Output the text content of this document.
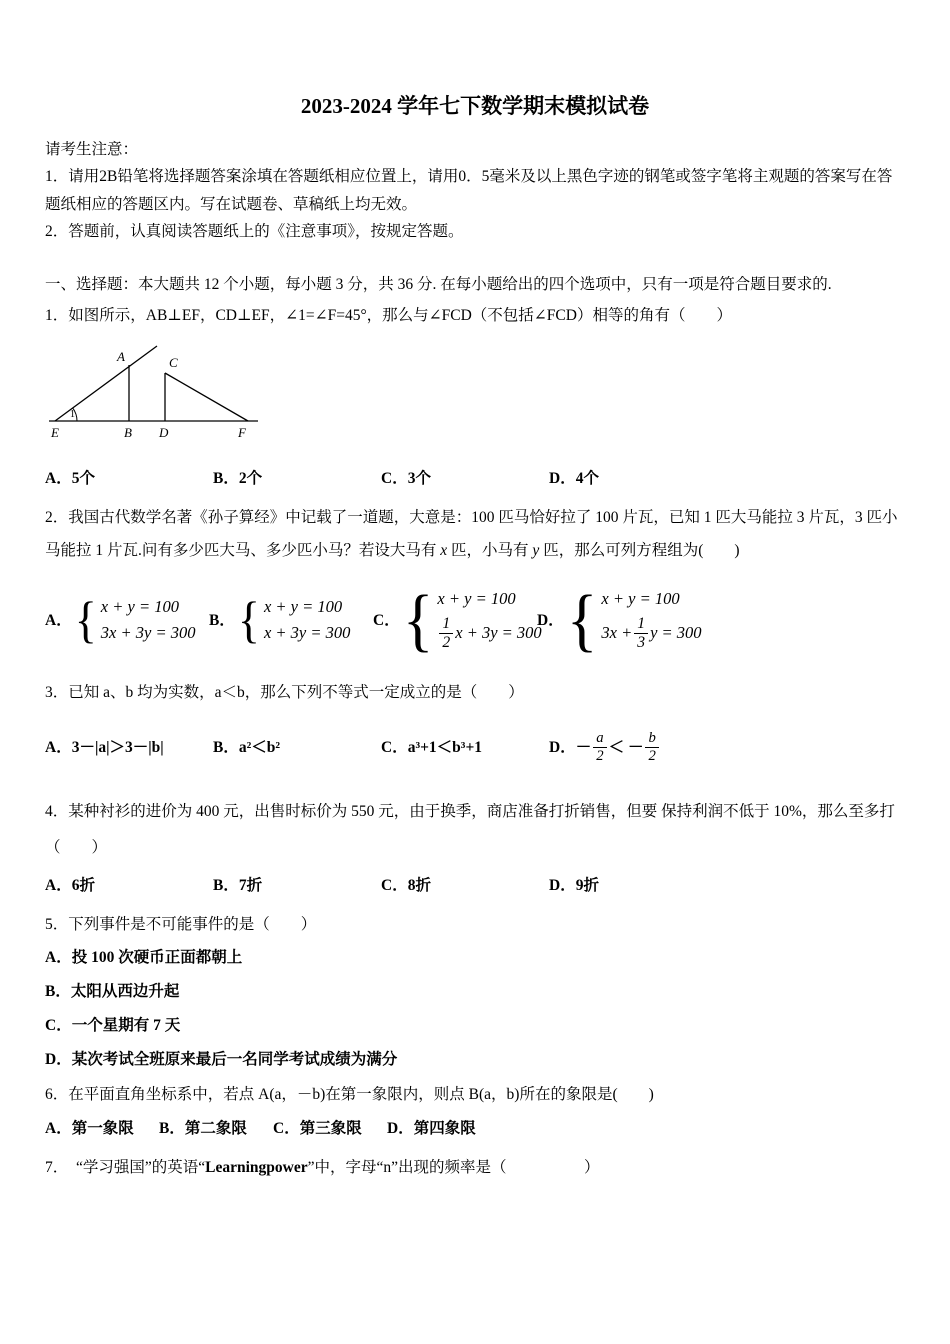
2023-2024 学年七下数学期末模拟试卷

请考生注意：

1．请用2B铅笔将选择题答案涂填在答题纸相应位置上，请用0．5毫米及以上黑色字迹的钢笔或签字笔将主观题的答案写在答题纸相应的答题区内。写在试题卷、草稿纸上均无效。

2．答题前，认真阅读答题纸上的《注意事项》，按规定答题。

一、选择题：本大题共 12 个小题，每小题 3 分，共 36 分. 在每小题给出的四个选项中，只有一项是符合题目要求的.

1．如图所示，AB⊥EF，CD⊥EF，∠1=∠F=45°，那么与∠FCD（不包括∠FCD）相等的角有（　　）

A	C
E	B D	F
1
A．5个	B．2个	C．3个	D．4个

2．我国古代数学名著《孙子算经》中记载了一道题，大意是：100 匹马恰好拉了 100 片瓦，已知 1 匹大马能拉 3 片瓦，3 匹小马能拉 1 片瓦.问有多少匹大马、多少匹小马？若设大马有 x 匹，小马有 y 匹，那么可列方程组为(　　)

A． { x + y = 100
3x + 3y = 300
B． { x + y = 100
x + 3y = 300
C． { x + y = 100
$\frac{1}{2}$ x + 3y = 300
D． { x + y = 100
$3x + \frac{1}{3}$ y = 300

3．已知 a、b 均为实数，a＜b，那么下列不等式一定成立的是（　　）

A．3－|a|＞3－|b|	B．a²＜b²	C．a³+1＜b³+1	D．－ $\frac{a}{2}$ ＜ － $\frac{b}{2}$

4．某种衬衫的进价为 400 元，出售时标价为 550 元，由于换季，商店准备打折销售，但要 保持利润不低于 10%，那么至多打（　　）

A．6折	B．7折	C．8折	D．9折

5．下列事件是不可能事件的是（　　）

A．投 100 次硬币正面都朝上

B．太阳从西边升起

C．一个星期有 7 天

D．某次考试全班原来最后一名同学考试成绩为满分

6．在平面直角坐标系中，若点 A(a，－b)在第一象限内，则点 B(a，b)所在的象限是(　　)

A．第一象限	B．第二象限	C．第三象限	D．第四象限

7．　“学习强国”的英语“Learningpower”中，字母“n”出现的频率是（　　　　　）
